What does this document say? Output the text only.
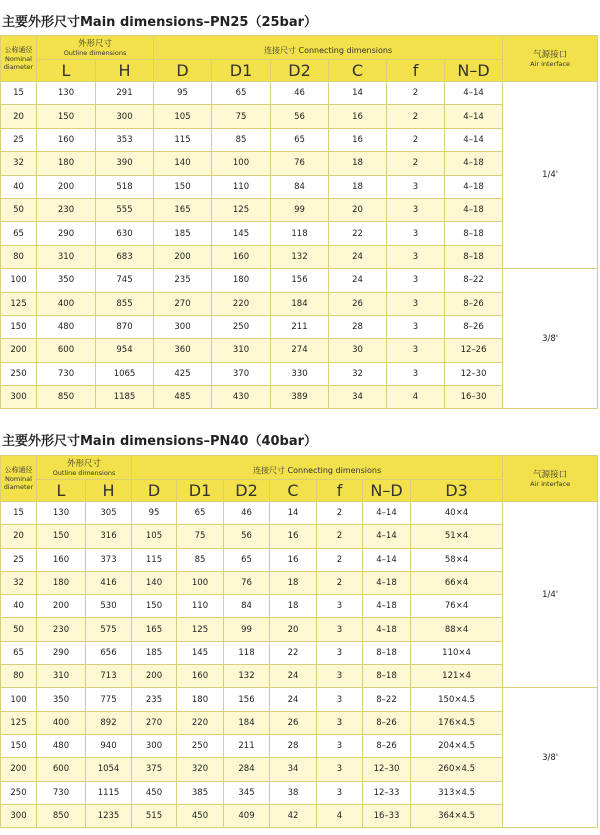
主要外形尺寸Main dimensions–PN25（25bar）
公称通径
Nominal
diameter	外形尺寸
Outline dimensions		连接尺寸 Connecting dimensions						气源接口
Air interface

	L	H	D	D1	D2	C	f	N–D	
15	130	291	95	65	46	14	2	4–14	1/4'
20	150	300	105	75	56	16	2	4–14	
25	160	353	115	85	65	16	2	4–14	
32	180	390	140	100	76	18	2	4–18	
40	200	518	150	110	84	18	3	4–18	
50	230	555	165	125	99	20	3	4–18	
65	290	630	185	145	118	22	3	8–18	
80	310	683	200	160	132	24	3	8–18	
100	350	745	235	180	156	24	3	8–22	3/8'
125	400	855	270	220	184	26	3	8–26	
150	480	870	300	250	211	28	3	8–26	
200	600	954	360	310	274	30	3	12–26	
250	730	1065	425	370	330	32	3	12–30	
300	850	1185	485	430	389	34	4	16–30	
主要外形尺寸Main dimensions–PN40（40bar）
公称通径
Nominal
diameter	外形尺寸
Outline dimensions		连接尺寸 Connecting dimensions							气源接口
Air interface

	L	H	D	D1	D2	C	f	N–D	D3	
15	130	305	95	65	46	14	2	4–14	40×4	1/4'
20	150	316	105	75	56	16	2	4–14	51×4	
25	160	373	115	85	65	16	2	4–14	58×4	
32	180	416	140	100	76	18	2	4–18	66×4	
40	200	530	150	110	84	18	3	4–18	76×4	
50	230	575	165	125	99	20	3	4–18	88×4	
65	290	656	185	145	118	22	3	8–18	110×4	
80	310	713	200	160	132	24	3	8–18	121×4	
100	350	775	235	180	156	24	3	8–22	150×4.5	3/8'
125	400	892	270	220	184	26	3	8–26	176×4.5	
150	480	940	300	250	211	28	3	8–26	204×4.5	
200	600	1054	375	320	284	34	3	12–30	260×4.5	
250	730	1115	450	385	345	38	3	12–33	313×4.5	
300	850	1235	515	450	409	42	4	16–33	364×4.5	
